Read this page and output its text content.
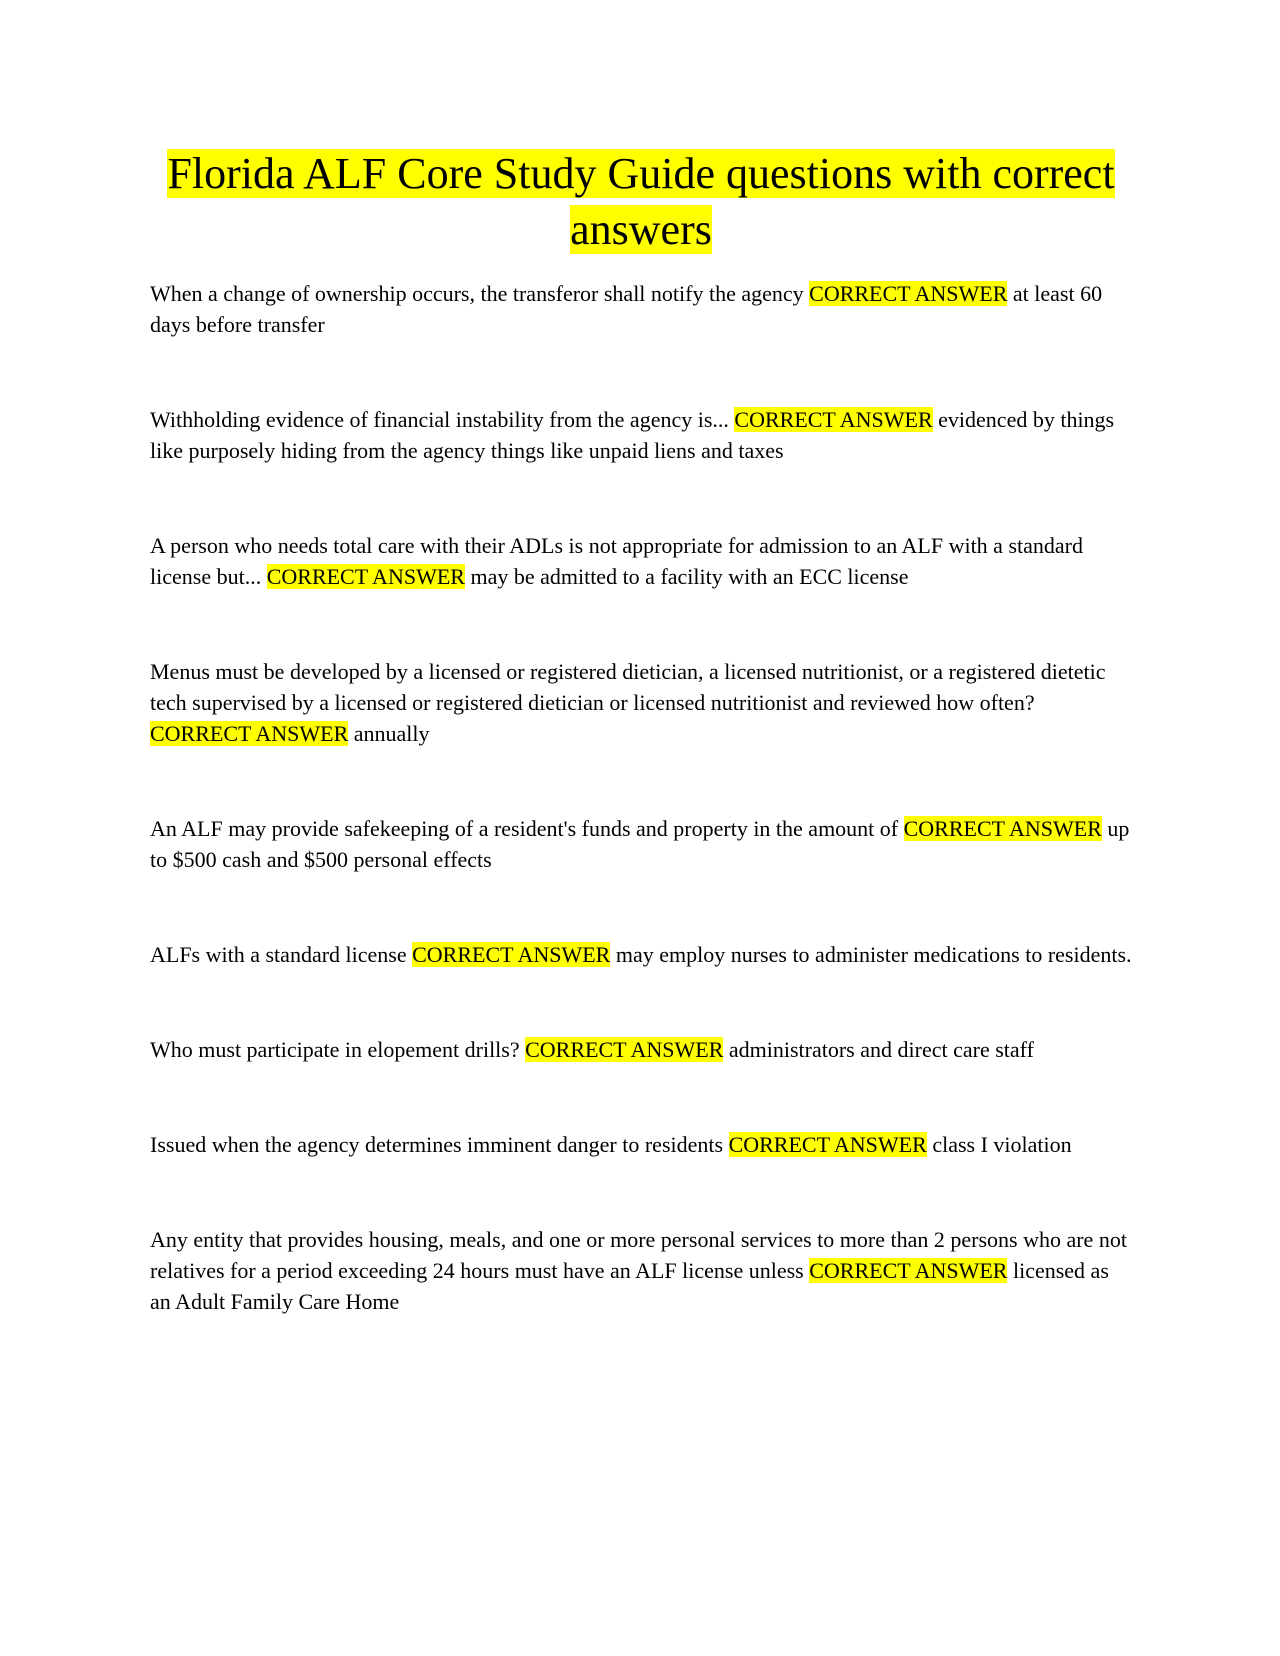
Florida ALF Core Study Guide questions with correct answers

When a change of ownership occurs, the transferor shall notify the agency CORRECT ANSWER at least 60 days before transfer

Withholding evidence of financial instability from the agency is... CORRECT ANSWER evidenced by things like purposely hiding from the agency things like unpaid liens and taxes

A person who needs total care with their ADLs is not appropriate for admission to an ALF with a standard license but... CORRECT ANSWER may be admitted to a facility with an ECC license

Menus must be developed by a licensed or registered dietician, a licensed nutritionist, or a registered dietetic tech supervised by a licensed or registered dietician or licensed nutritionist and reviewed how often? CORRECT ANSWER annually

An ALF may provide safekeeping of a resident's funds and property in the amount of CORRECT ANSWER up to $500 cash and $500 personal effects

ALFs with a standard license CORRECT ANSWER may employ nurses to administer medications to residents.

Who must participate in elopement drills? CORRECT ANSWER administrators and direct care staff

Issued when the agency determines imminent danger to residents CORRECT ANSWER class I violation

Any entity that provides housing, meals, and one or more personal services to more than 2 persons who are not relatives for a period exceeding 24 hours must have an ALF license unless CORRECT ANSWER licensed as an Adult Family Care Home
